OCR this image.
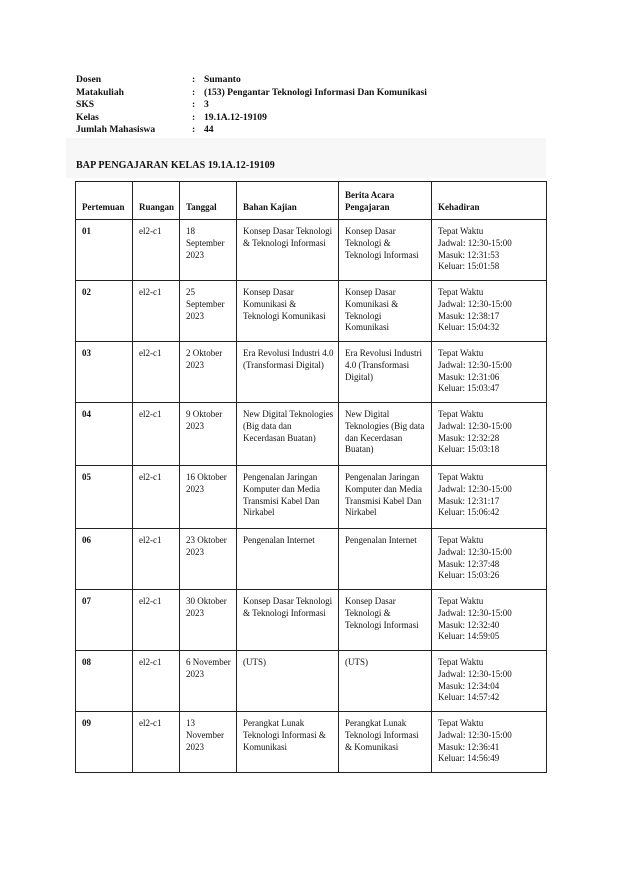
Dosen	: Sumanto
Matakuliah	: (153) Pengantar Teknologi Informasi Dan Komunikasi
SKS	: 3
Kelas	: 19.1A.12-19109
Jumlah Mahasiswa	: 44
BAP PENGAJARAN KELAS 19.1A.12-19109
Pertemuan	Ruangan	Tanggal	Bahan Kajian	Berita Acara Pengajaran	Kehadiran
01	el2-c1	18 September 2023	Konsep Dasar Teknologi & Teknologi Informasi	Konsep Dasar Teknologi & Teknologi Informasi	Tepat Waktu
Jadwal: 12:30-15:00
Masuk: 12:31:53
Keluar: 15:01:58

02	el2-c1	25 September 2023	Konsep Dasar Komunikasi & Teknologi Komunikasi	Konsep Dasar Komunikasi & Teknologi Komunikasi	Tepat Waktu
Jadwal: 12:30-15:00
Masuk: 12:38:17
Keluar: 15:04:32

03	el2-c1	2 Oktober 2023	Era Revolusi Industri 4.0 (Transformasi Digital)	Era Revolusi Industri 4.0 (Transformasi Digital)	Tepat Waktu
Jadwal: 12:30-15:00
Masuk: 12:31:06
Keluar: 15:03:47

04	el2-c1	9 Oktober 2023	New Digital Teknologies (Big data dan Kecerdasan Buatan)	New Digital Teknologies (Big data dan Kecerdasan Buatan)	Tepat Waktu
Jadwal: 12:30-15:00
Masuk: 12:32:28
Keluar: 15:03:18

05	el2-c1	16 Oktober 2023	Pengenalan Jaringan Komputer dan Media Transmisi Kabel Dan Nirkabel	Pengenalan Jaringan Komputer dan Media Transmisi Kabel Dan Nirkabel	Tepat Waktu
Jadwal: 12:30-15:00
Masuk: 12:31:17
Keluar: 15:06:42

06	el2-c1	23 Oktober 2023	Pengenalan Internet	Pengenalan Internet	Tepat Waktu
Jadwal: 12:30-15:00
Masuk: 12:37:48
Keluar: 15:03:26

07	el2-c1	30 Oktober 2023	Konsep Dasar Teknologi & Teknologi Informasi	Konsep Dasar Teknologi & Teknologi Informasi	Tepat Waktu
Jadwal: 12:30-15:00
Masuk: 12:32:40
Keluar: 14:59:05

08	el2-c1	6 November 2023	(UTS)	(UTS)	Tepat Waktu
Jadwal: 12:30-15:00
Masuk: 12:34:04
Keluar: 14:57:42

09	el2-c1	13 November 2023	Perangkat Lunak Teknologi Informasi & Komunikasi	Perangkat Lunak Teknologi Informasi & Komunikasi	Tepat Waktu
Jadwal: 12:30-15:00
Masuk: 12:36:41
Keluar: 14:56:49
